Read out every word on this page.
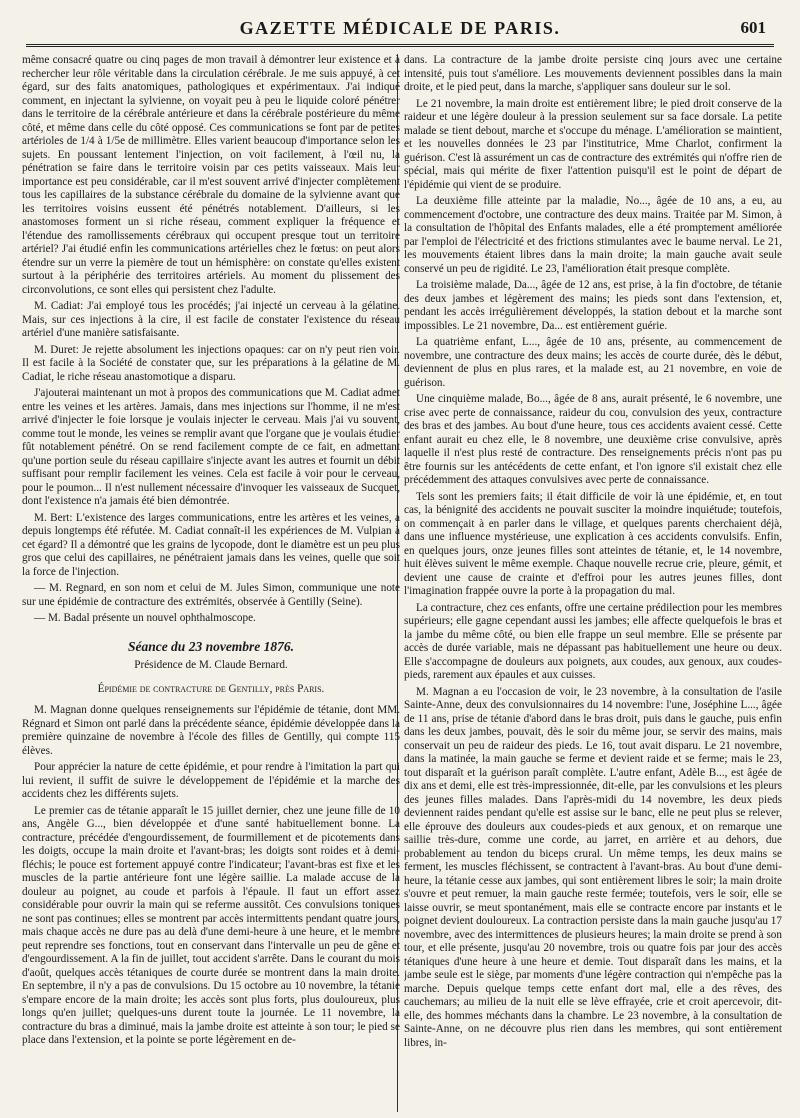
GAZETTE MÉDICALE DE PARIS.	601

même consacré quatre ou cinq pages de mon travail à démontrer leur existence et à rechercher leur rôle véritable dans la circulation cérébrale. Je me suis appuyé, à cet égard, sur des faits anatomiques, pathologiques et expérimentaux. J'ai indiqué comment, en injectant la sylvienne, on voyait peu à peu le liquide coloré pénétrer dans le territoire de la cérébrale antérieure et dans la cérébrale postérieure du même côté, et même dans celle du côté opposé. Ces communications se font par de petites artérioles de 1/4 à 1/5e de millimètre. Elles varient beaucoup d'importance selon les sujets. En poussant lentement l'injection, on voit facilement, à l'œil nu, la pénétration se faire dans le territoire voisin par ces petits vaisseaux. Mais leur importance est peu considérable, car il m'est souvent arrivé d'injecter complètement tous les capillaires de la substance cérébrale du domaine de la sylvienne avant que les territoires voisins eussent été pénétrés notablement. D'ailleurs, si les anastomoses forment un si riche réseau, comment expliquer la fréquence et l'étendue des ramollissements cérébraux qui occupent presque tout un territoire artériel? J'ai étudié enfin les communications artérielles chez le fœtus: on peut alors étendre sur un verre la piemère de tout un hémisphère: on constate qu'elles existent surtout à la périphérie des territoires artériels. Au moment du plissement des circonvolutions, ce sont elles qui persistent chez l'adulte.

M. Cadiat: J'ai employé tous les procédés; j'ai injecté un cerveau à la gélatine. Mais, sur ces injections à la cire, il est facile de constater l'existence du réseau artériel d'une manière satisfaisante.

M. Duret: Je rejette absolument les injections opaques: car on n'y peut rien voir. Il est facile à la Société de constater que, sur les préparations à la gélatine de M. Cadiat, le riche réseau anastomotique a disparu.

J'ajouterai maintenant un mot à propos des communications que M. Cadiat admet entre les veines et les artères. Jamais, dans mes injections sur l'homme, il ne m'est arrivé d'injecter le foie lorsque je voulais injecter le cerveau. Mais j'ai vu souvent, comme tout le monde, les veines se remplir avant que l'organe que je voulais étudier fût notablement pénétré. On se rend facilement compte de ce fait, en admettant qu'une portion seule du réseau capillaire s'injecte avant les autres et fournit un débit suffisant pour remplir facilement les veines. Cela est facile à voir pour le cerveau, pour le poumon... Il n'est nullement nécessaire d'invoquer les vaisseaux de Sucquet, dont l'existence n'a jamais été bien démontrée.

M. Bert: L'existence des larges communications, entre les artères et les veines, a depuis longtemps été réfutée. M. Cadiat connaît-il les expériences de M. Vulpian à cet égard? Il a démontré que les grains de lycopode, dont le diamètre est un peu plus gros que celui des capillaires, ne pénétraient jamais dans les veines, quelle que soit la force de l'injection.

— M. Regnard, en son nom et celui de M. Jules Simon, communique une note sur une épidémie de contracture des extrémités, observée à Gentilly (Seine).

— M. Badal présente un nouvel ophthalmoscope.

Séance du 23 novembre 1876.
Présidence de M. Claude Bernard.
Épidémie de contracture de Gentilly, près Paris.

M. Magnan donne quelques renseignements sur l'épidémie de tétanie, dont MM. Régnard et Simon ont parlé dans la précédente séance, épidémie développée dans la première quinzaine de novembre à l'école des filles de Gentilly, qui compte 115 élèves.

Pour apprécier la nature de cette épidémie, et pour rendre à l'imitation la part qui lui revient, il suffit de suivre le développement de l'épidémie et la marche des accidents chez les différents sujets.

Le premier cas de tétanie apparaît le 15 juillet dernier, chez une jeune fille de 10 ans, Angèle G..., bien développée et d'une santé habituellement bonne. La contracture, précédée d'engourdissement, de fourmillement et de picotements dans les doigts, occupe la main droite et l'avant-bras; les doigts sont roides et à demi-fléchis; le pouce est fortement appuyé contre l'indicateur; l'avant-bras est fixe et les muscles de la partie antérieure font une légère saillie. La malade accuse de la douleur au poignet, au coude et parfois à l'épaule. Il faut un effort assez considérable pour ouvrir la main qui se referme aussitôt. Ces convulsions toniques ne sont pas continues; elles se montrent par accès intermittents pendant quatre jours, mais chaque accès ne dure pas au delà d'une demi-heure à une heure, et le membre peut reprendre ses fonctions, tout en conservant dans l'intervalle un peu de gêne et d'engourdissement. A la fin de juillet, tout accident s'arrête. Dans le courant du mois d'août, quelques accès tétaniques de courte durée se montrent dans la main droite. En septembre, il n'y a pas de convulsions. Du 15 octobre au 10 novembre, la tétanie s'empare encore de la main droite; les accès sont plus forts, plus douloureux, plus longs qu'en juillet; quelques-uns durent toute la journée. Le 11 novembre, la contracture du bras a diminué, mais la jambe droite est atteinte à son tour; le pied se place dans l'extension, et la pointe se porte légèrement en de-

dans. La contracture de la jambe droite persiste cinq jours avec une certaine intensité, puis tout s'améliore. Les mouvements deviennent possibles dans la main droite, et le pied peut, dans la marche, s'appliquer sans douleur sur le sol.

Le 21 novembre, la main droite est entièrement libre; le pied droit conserve de la raideur et une légère douleur à la pression seulement sur sa face dorsale. La petite malade se tient debout, marche et s'occupe du ménage. L'amélioration se maintient, et les nouvelles données le 23 par l'institutrice, Mme Charlot, confirment la guérison. C'est là assurément un cas de contracture des extrémités qui n'offre rien de spécial, mais qui mérite de fixer l'attention puisqu'il est le point de départ de l'épidémie qui vient de se produire.

La deuxième fille atteinte par la maladie, No..., âgée de 10 ans, a eu, au commencement d'octobre, une contracture des deux mains. Traitée par M. Simon, à la consultation de l'hôpital des Enfants malades, elle a été promptement améliorée par l'emploi de l'électricité et des frictions stimulantes avec le baume nerval. Le 21, les mouvements étaient libres dans la main droite; la main gauche avait seule conservé un peu de rigidité. Le 23, l'amélioration était presque complète.

La troisième malade, Da..., âgée de 12 ans, est prise, à la fin d'octobre, de tétanie des deux jambes et légèrement des mains; les pieds sont dans l'extension, et, pendant les accès irrégulièrement développés, la station debout et la marche sont impossibles. Le 21 novembre, Da... est entièrement guérie.

La quatrième enfant, L..., âgée de 10 ans, présente, au commencement de novembre, une contracture des deux mains; les accès de courte durée, dès le début, deviennent de plus en plus rares, et la malade est, au 21 novembre, en voie de guérison.

Une cinquième malade, Bo..., âgée de 8 ans, aurait présenté, le 6 novembre, une crise avec perte de connaissance, raideur du cou, convulsion des yeux, contracture des bras et des jambes. Au bout d'une heure, tous ces accidents avaient cessé. Cette enfant aurait eu chez elle, le 8 novembre, une deuxième crise convulsive, après laquelle il n'est plus resté de contracture. Des renseignements précis n'ont pas pu être fournis sur les antécédents de cette enfant, et l'on ignore s'il existait chez elle précédemment des attaques convulsives avec perte de connaissance.

Tels sont les premiers faits; il était difficile de voir là une épidémie, et, en tout cas, la bénignité des accidents ne pouvait susciter la moindre inquiétude; toutefois, on commençait à en parler dans le village, et quelques parents cherchaient déjà, dans une influence mystérieuse, une explication à ces accidents convulsifs. Enfin, en quelques jours, onze jeunes filles sont atteintes de tétanie, et, le 14 novembre, huit élèves suivent le même exemple. Chaque nouvelle recrue crie, pleure, gémit, et devient une cause de crainte et d'effroi pour les autres jeunes filles, dont l'imagination frappée ouvre la porte à la propagation du mal.

La contracture, chez ces enfants, offre une certaine prédilection pour les membres supérieurs; elle gagne cependant aussi les jambes; elle affecte quelquefois le bras et la jambe du même côté, ou bien elle frappe un seul membre. Elle se présente par accès de durée variable, mais ne dépassant pas habituellement une heure ou deux. Elle s'accompagne de douleurs aux poignets, aux coudes, aux genoux, aux coudes-pieds, rarement aux épaules et aux cuisses.

M. Magnan a eu l'occasion de voir, le 23 novembre, à la consultation de l'asile Sainte-Anne, deux des convulsionnaires du 14 novembre: l'une, Joséphine L..., âgée de 11 ans, prise de tétanie d'abord dans le bras droit, puis dans le gauche, puis enfin dans les deux jambes, pouvait, dès le soir du même jour, se servir des mains, mais conservait un peu de raideur des pieds. Le 16, tout avait disparu. Le 21 novembre, dans la matinée, la main gauche se ferme et devient raide et se ferme; mais le 23, tout disparaît et la guérison paraît complète. L'autre enfant, Adèle B..., est âgée de dix ans et demi, elle est très-impressionnée, dit-elle, par les convulsions et les pleurs des jeunes filles malades. Dans l'après-midi du 14 novembre, les deux pieds deviennent raides pendant qu'elle est assise sur le banc, elle ne peut plus se relever, elle éprouve des douleurs aux coudes-pieds et aux genoux, et on remarque une saillie très-dure, comme une corde, au jarret, en arrière et au dehors, due probablement au tendon du biceps crural. Un même temps, les deux mains se ferment, les muscles fléchissent, se contractent à l'avant-bras. Au bout d'une demi-heure, la tétanie cesse aux jambes, qui sont entièrement libres le soir; la main droite s'ouvre et peut remuer, la main gauche reste fermée; toutefois, vers le soir, elle se laisse ouvrir, se meut spontanément, mais elle se contracte encore par instants et le poignet devient douloureux. La contraction persiste dans la main gauche jusqu'au 17 novembre, avec des intermittences de plusieurs heures; la main droite se prend à son tour, et elle présente, jusqu'au 20 novembre, trois ou quatre fois par jour des accès tétaniques d'une heure à une heure et demie. Tout disparaît dans les mains, et la jambe seule est le siège, par moments d'une légère contraction qui n'empêche pas la marche. Depuis quelque temps cette enfant dort mal, elle a des rêves, des cauchemars; au milieu de la nuit elle se lève effrayée, crie et croit apercevoir, dit-elle, des hommes méchants dans la chambre. Le 23 novembre, à la consultation de Sainte-Anne, on ne découvre plus rien dans les membres, qui sont entièrement libres, in-
